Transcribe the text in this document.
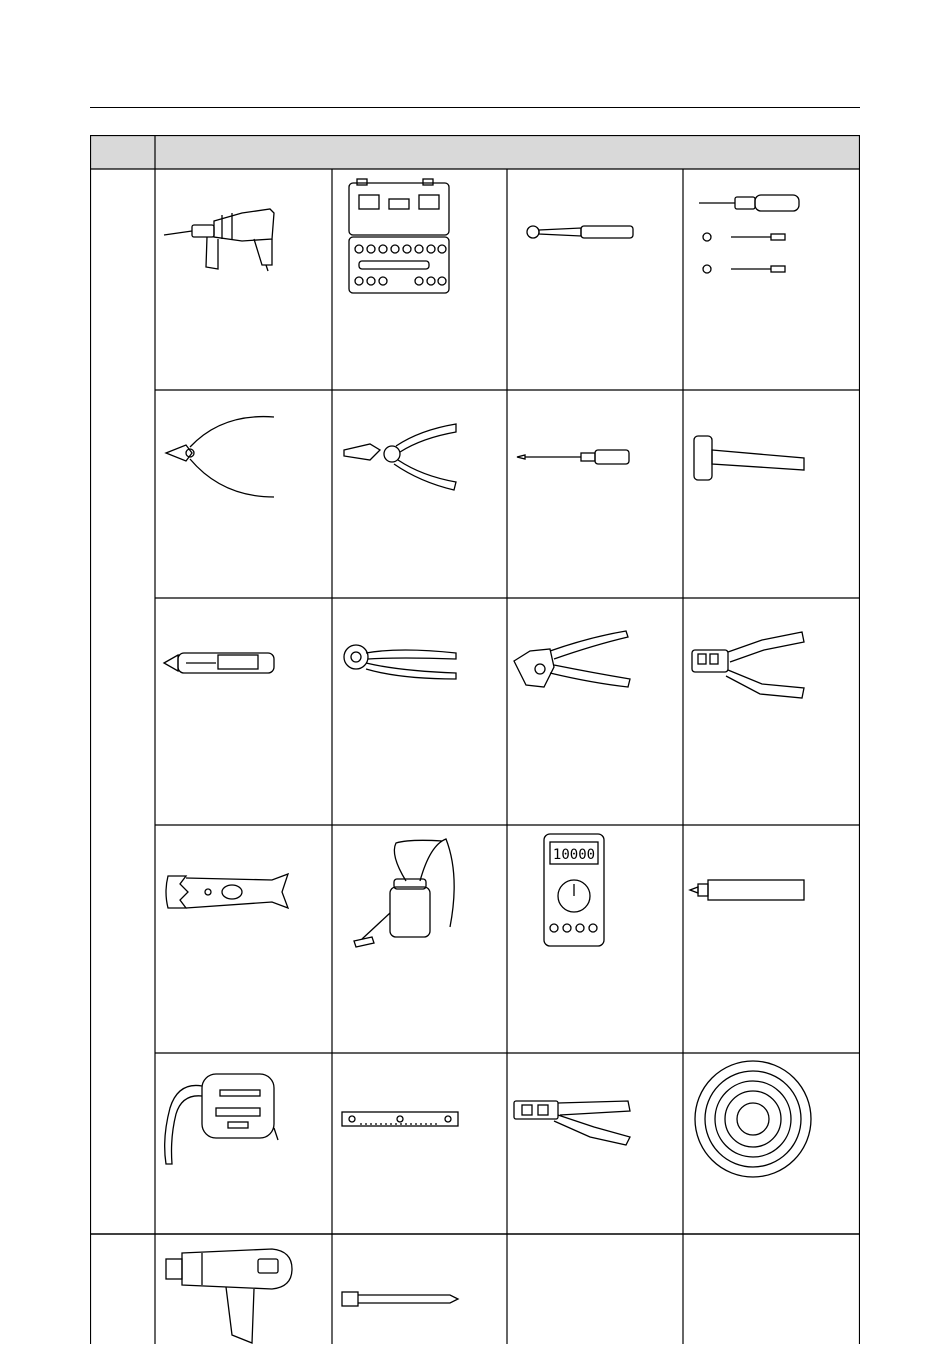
10000
